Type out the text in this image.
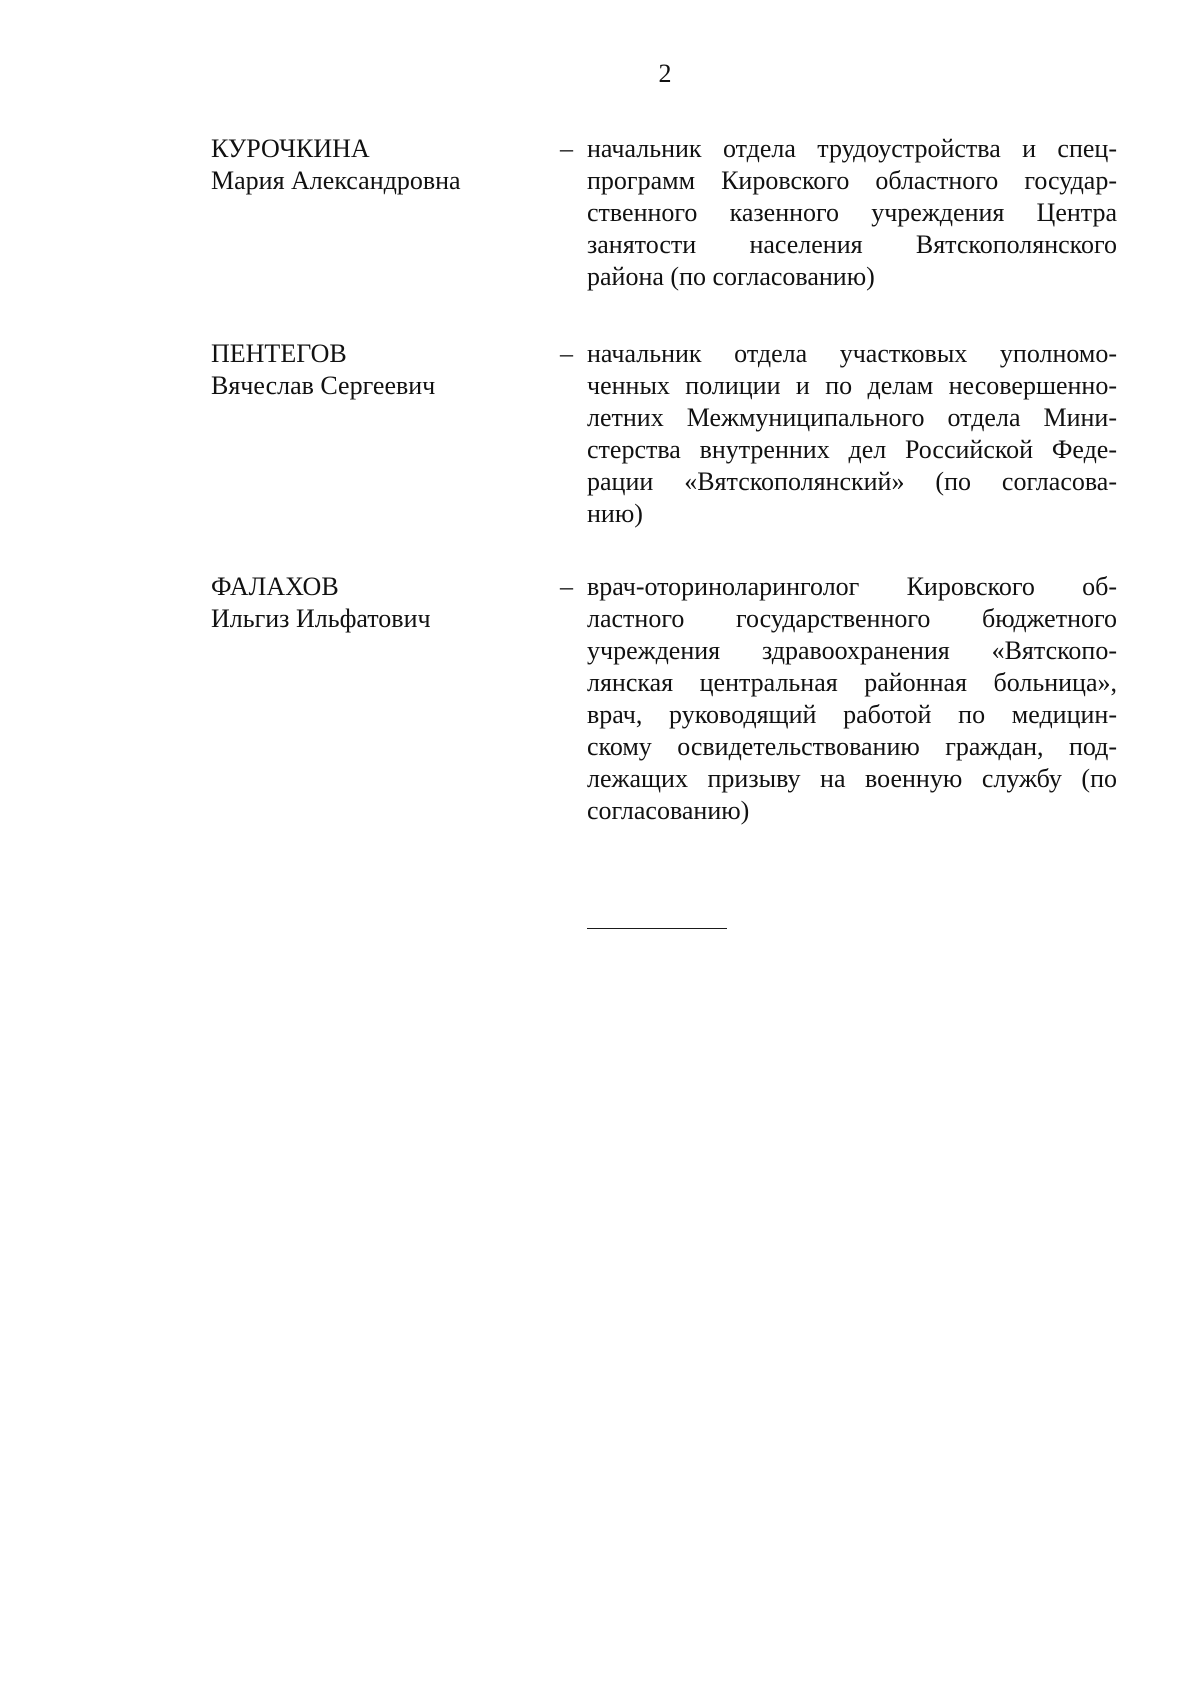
2
КУРОЧКИНА
Мария Александровна
– начальник отдела трудоустройства и спец-
программ Кировского областного государ-
ственного казенного учреждения Центра
занятости населения Вятскополянского
района (по согласованию)
ПЕНТЕГОВ
Вячеслав Сергеевич
– начальник отдела участковых уполномо-
ченных полиции и по делам несовершенно-
летних Межмуниципального отдела Мини-
стерства внутренних дел Российской Феде-
рации «Вятскополянский» (по согласова-
нию)
ФАЛАХОВ
Ильгиз Ильфатович
– врач-оториноларинголог Кировского об-
ластного государственного бюджетного
учреждения здравоохранения «Вятскопо-
лянская центральная районная больница»,
врач, руководящий работой по медицин-
скому освидетельствованию граждан, под-
лежащих призыву на военную службу (по
согласованию)
